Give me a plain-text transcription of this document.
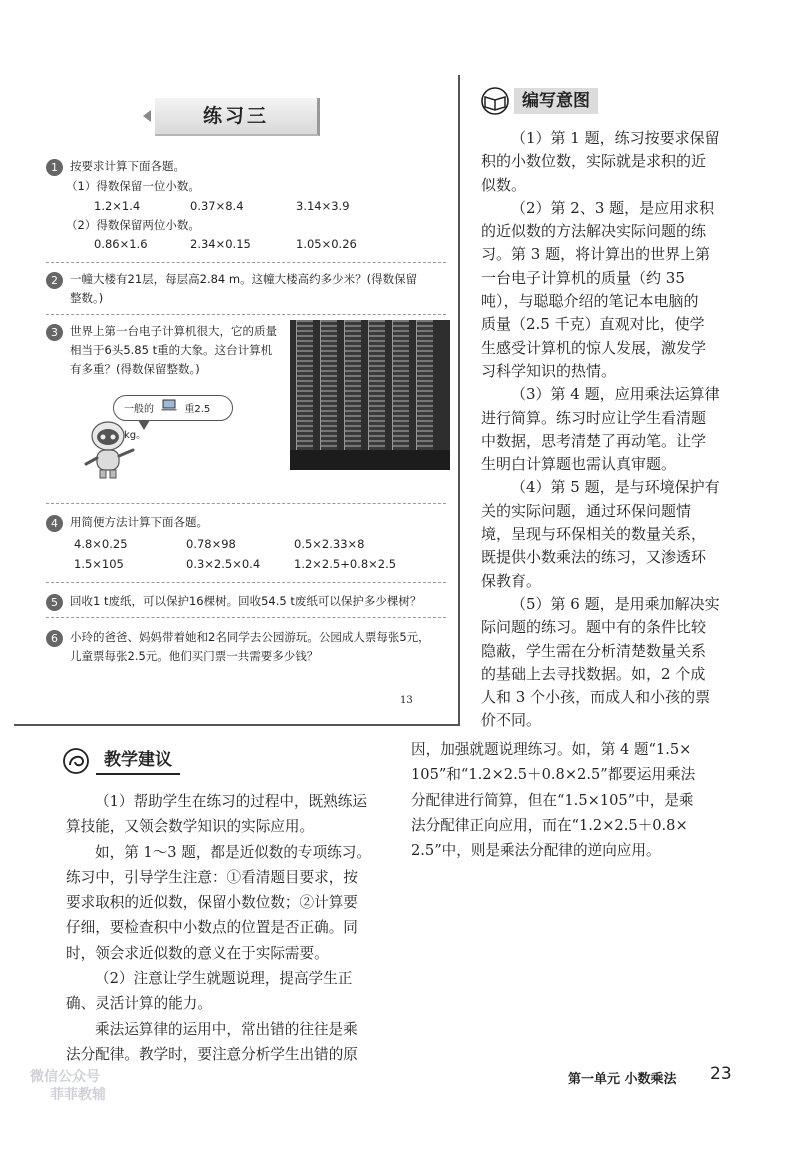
练习三
1	按要求计算下面各题。
（1）得数保留一位小数。
1.2×1.4	0.37×8.4	3.14×3.9
（2）得数保留两位小数。
0.86×1.6	2.34×0.15	1.05×0.26
2	一幢大楼有21层，每层高2.84 m。这幢大楼高约多少米？(得数保留
整数。)
3	世界上第一台电子计算机很大，它的质量
相当于6头5.85 t重的大象。这台计算机
有多重？(得数保留整数。)
一般的	重2.5 kg。
4	用简便方法计算下面各题。
4.8×0.25	0.78×98	0.5×2.33×8
1.5×105	0.3×2.5×0.4	1.2×2.5+0.8×2.5
5	回收1 t废纸，可以保护16棵树。回收54.5 t废纸可以保护多少棵树？
6	小玲的爸爸、妈妈带着她和2名同学去公园游玩。公园成人票每张5元，
儿童票每张2.5元。他们买门票一共需要多少钱？
13
编写意图
（1）第 1 题，练习按要求保留
积的小数位数，实际就是求积的近
似数。
（2）第 2、3 题，是应用求积
的近似数的方法解决实际问题的练
习。第 3 题，将计算出的世界上第
一台电子计算机的质量（约 35
吨），与聪聪介绍的笔记本电脑的
质量（2.5 千克）直观对比，使学
生感受计算机的惊人发展，激发学
习科学知识的热情。
（3）第 4 题，应用乘法运算律
进行简算。练习时应让学生看清题
中数据，思考清楚了再动笔。让学
生明白计算题也需认真审题。
（4）第 5 题，是与环境保护有
关的实际问题，通过环保问题情
境，呈现与环保相关的数量关系，
既提供小数乘法的练习，又渗透环
保教育。
（5）第 6 题，是用乘加解决实
际问题的练习。题中有的条件比较
隐蔽，学生需在分析清楚数量关系
的基础上去寻找数据。如，2 个成
人和 3 个小孩，而成人和小孩的票
价不同。
教学建议
（1）帮助学生在练习的过程中，既熟练运
算技能，又领会数学知识的实际应用。
如，第 1～3 题，都是近似数的专项练习。
练习中，引导学生注意：①看清题目要求，按
要求取积的近似数，保留小数位数；②计算要
仔细，要检查积中小数点的位置是否正确。同
时，领会求近似数的意义在于实际需要。
（2）注意让学生就题说理，提高学生正
确、灵活计算的能力。
乘法运算律的运用中，常出错的往往是乘
法分配律。教学时，要注意分析学生出错的原
因，加强就题说理练习。如，第 4 题“1.5×
105”和“1.2×2.5＋0.8×2.5”都要运用乘法
分配律进行简算，但在“1.5×105”中，是乘
法分配律正向应用，而在“1.2×2.5＋0.8×
2.5”中，则是乘法分配律的逆向应用。
第一单元 小数乘法 23
微信公众号
菲菲教辅
